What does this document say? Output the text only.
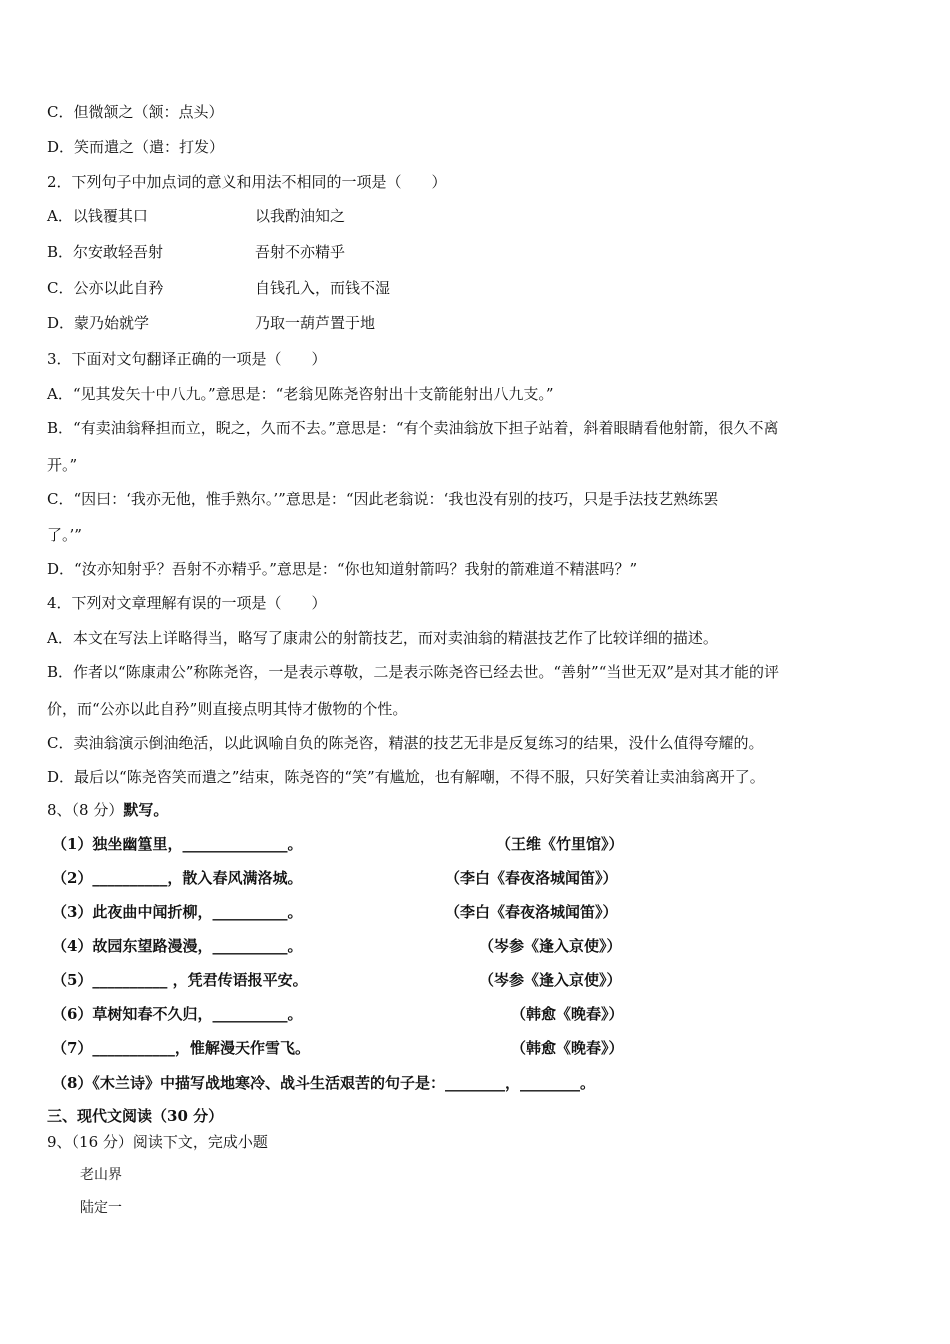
C．但微颔之（颔：点头）
D．笑而遣之（遣：打发）
2．下列句子中加点词的意义和用法不相同的一项是（　　）
A．以钱覆其口	以我酌油知之
B．尔安敢轻吾射	吾射不亦精乎
C．公亦以此自矜	自钱孔入，而钱不湿
D．蒙乃始就学	乃取一葫芦置于地
3．下面对文句翻译正确的一项是（　　）
A．“见其发矢十中八九。”意思是：“老翁见陈尧咨射出十支箭能射出八九支。”
B．“有卖油翁释担而立，睨之，久而不去。”意思是：“有个卖油翁放下担子站着，斜着眼睛看他射箭，很久不离
开。”
C．“因曰：‘我亦无他，惟手熟尔。’”意思是：“因此老翁说：‘我也没有别的技巧，只是手法技艺熟练罢
了。’”
D．“汝亦知射乎？吾射不亦精乎。”意思是：“你也知道射箭吗？我射的箭难道不精湛吗？”
4．下列对文章理解有误的一项是（　　）
A．本文在写法上详略得当，略写了康肃公的射箭技艺，而对卖油翁的精湛技艺作了比较详细的描述。
B．作者以“陈康肃公”称陈尧咨，一是表示尊敬，二是表示陈尧咨已经去世。“善射”“当世无双”是对其才能的评
价，而“公亦以此自矜”则直接点明其恃才傲物的个性。
C．卖油翁演示倒油绝活，以此讽喻自负的陈尧咨，精湛的技艺无非是反复练习的结果，没什么值得夸耀的。
D．最后以“陈尧咨笑而遣之”结束，陈尧咨的“笑”有尴尬，也有解嘲，不得不服，只好笑着让卖油翁离开了。
8、（8 分）默写。
（1）独坐幽篁里，______________。	（王维《竹里馆》）
（2）__________，散入春风满洛城。	（李白《春夜洛城闻笛》）
（3）此夜曲中闻折柳，__________。	（李白《春夜洛城闻笛》）
（4）故园东望路漫漫，__________。	（岑参《逢入京使》）
（5）__________ ，凭君传语报平安。	（岑参《逢入京使》）
（6）草树知春不久归，__________。	（韩愈《晚春》）
（7）___________，惟解漫天作雪飞。	（韩愈《晚春》）
（8）《木兰诗》中描写战地寒冷、战斗生活艰苦的句子是：________，________。
三、现代文阅读（30 分）
9、（16 分）阅读下文，完成小题
老山界
陆定一
